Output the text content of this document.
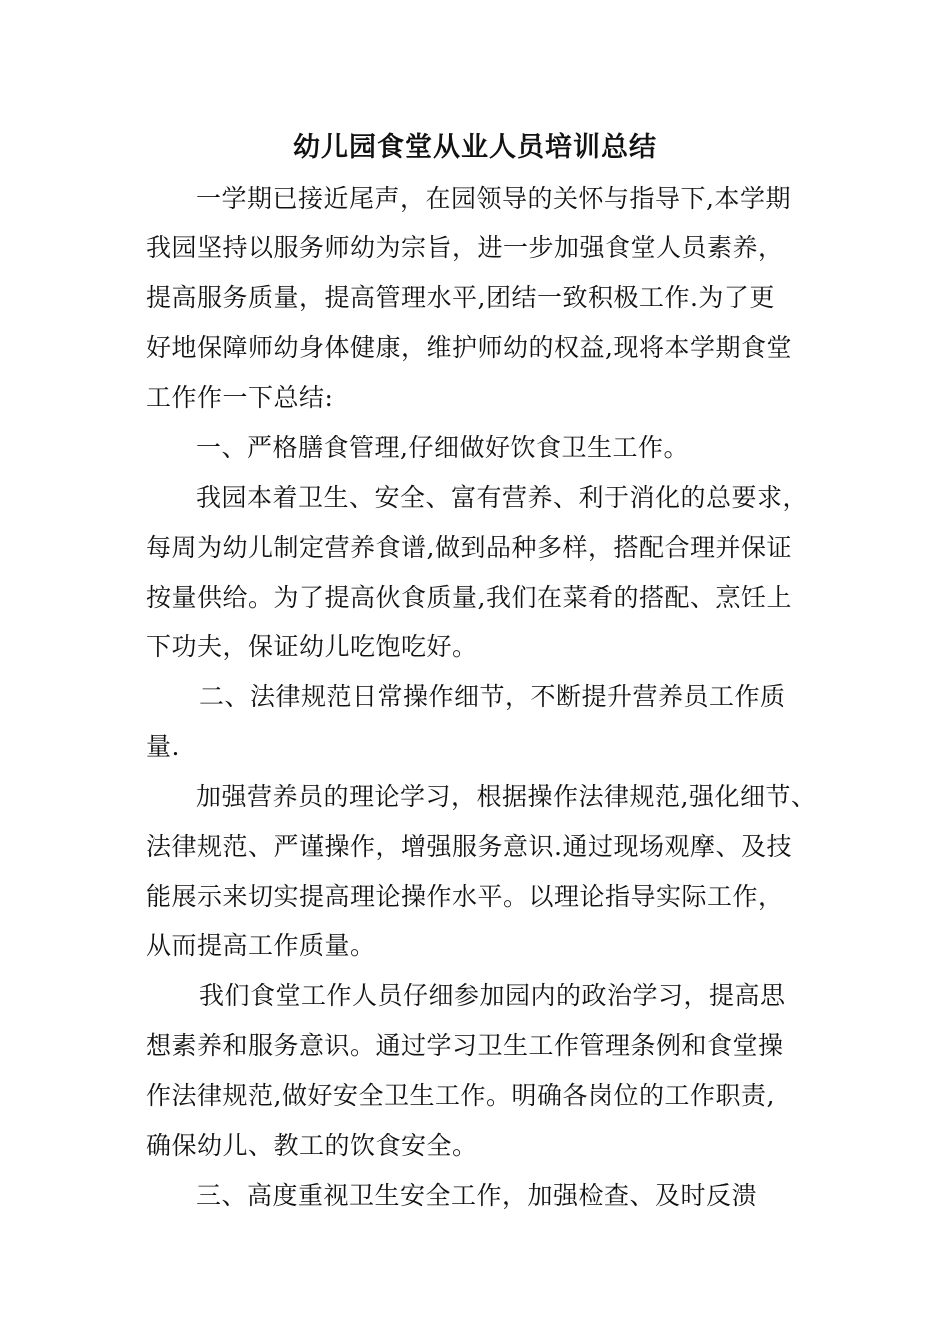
幼儿园食堂从业人员培训总结
一学期已接近尾声，在园领导的关怀与指导下,本学期
我园坚持以服务师幼为宗旨，进一步加强食堂人员素养，
提高服务质量，提高管理水平,团结一致积极工作.为了更
好地保障师幼身体健康，维护师幼的权益,现将本学期食堂
工作作一下总结:
一、严格膳食管理,仔细做好饮食卫生工作。
我园本着卫生、安全、富有营养、利于消化的总要求，
每周为幼儿制定营养食谱,做到品种多样，搭配合理并保证
按量供给。为了提高伙食质量,我们在菜肴的搭配、烹饪上
下功夫，保证幼儿吃饱吃好。
二、法律规范日常操作细节，不断提升营养员工作质
量.
加强营养员的理论学习，根据操作法律规范,强化细节、
法律规范、严谨操作，增强服务意识.通过现场观摩、及技
能展示来切实提高理论操作水平。以理论指导实际工作，
从而提高工作质量。
我们食堂工作人员仔细参加园内的政治学习，提高思
想素养和服务意识。通过学习卫生工作管理条例和食堂操
作法律规范,做好安全卫生工作。明确各岗位的工作职责,
确保幼儿、教工的饮食安全。
三、高度重视卫生安全工作，加强检查、及时反溃
